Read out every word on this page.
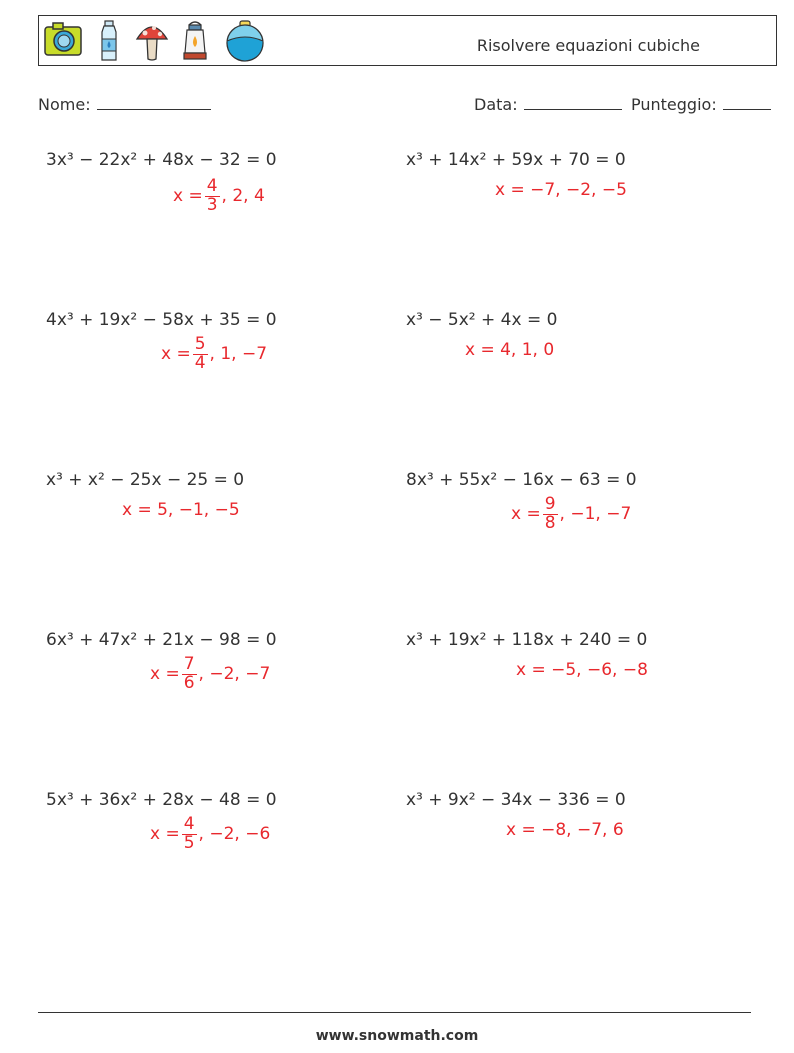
Risolvere equazioni cubiche
Nome:	Data:	Punteggio:
3x³ − 22x² + 48x − 32 = 0
$x = \frac{4}{3}$ , 2, 4
x³ + 14x² + 59x + 70 = 0
x = −7, −2, −5
4x³ + 19x² − 58x + 35 = 0
$x = \frac{5}{4}$ , 1, −7
x³ − 5x² + 4x = 0
x = 4, 1, 0
x³ + x² − 25x − 25 = 0
x = 5, −1, −5
8x³ + 55x² − 16x − 63 = 0
$x = \frac{9}{8}$ , −1, −7
6x³ + 47x² + 21x − 98 = 0
$x = \frac{7}{6}$ , −2, −7
x³ + 19x² + 118x + 240 = 0
x = −5, −6, −8
5x³ + 36x² + 28x − 48 = 0
$x = \frac{4}{5}$ , −2, −6
x³ + 9x² − 34x − 336 = 0
x = −8, −7, 6
www.snowmath.com
